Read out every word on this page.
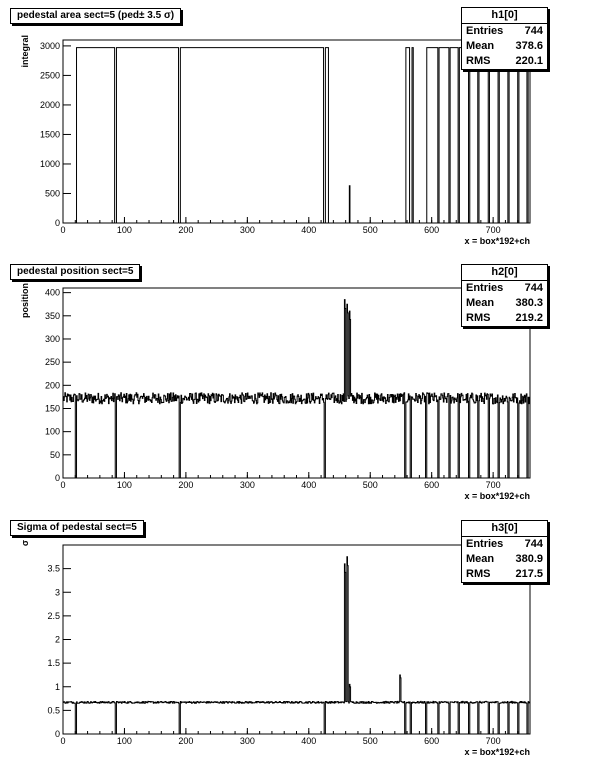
0	100	200	300	400	500	600	700
0
500
1000
1500
2000
2500
3000
x = box*192+ch
integral
0	100	200	300	400	500	600	700
0
50
100
150
200
250
300
350
400
x = box*192+ch
position
0	100	200	300	400	500	600	700
0
0.5
1
1.5
2
2.5
3
3.5
x = box*192+ch
σ
pedestal area sect=5 (ped± 3.5 σ)	h1[0]
Entries 744
Mean 378.6
RMS 220.1
pedestal position sect=5	h2[0]
Entries 744
Mean 380.3
RMS 219.2
Sigma of pedestal sect=5	h3[0]
Entries 744
Mean 380.9
RMS 217.5
